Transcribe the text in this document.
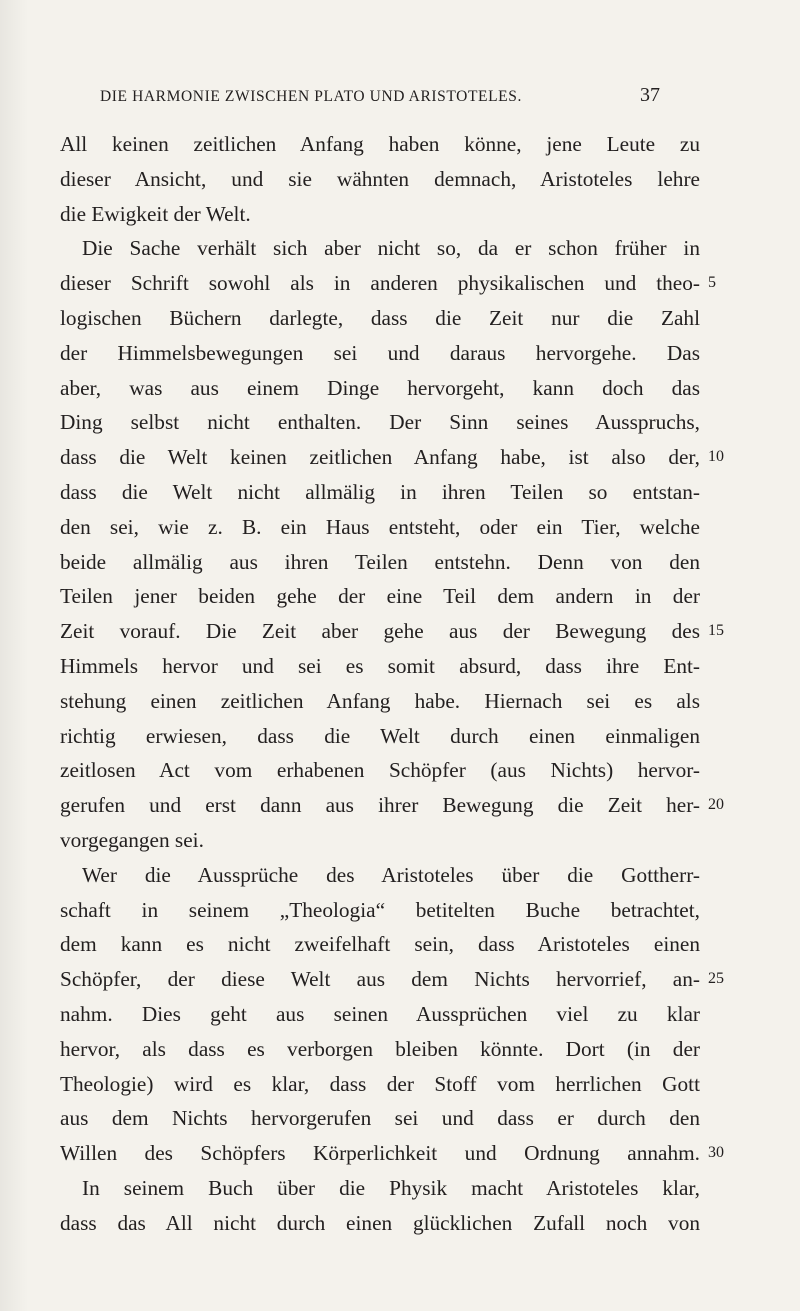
DIE HARMONIE ZWISCHEN PLATO UND ARISTOTELES.	37
All keinen zeitlichen Anfang haben könne, jene Leute zu
dieser Ansicht, und sie wähnten demnach, Aristoteles lehre
die Ewigkeit der Welt.
Die Sache verhält sich aber nicht so, da er schon früher in
dieser Schrift sowohl als in anderen physikalischen und theo- 5
logischen Büchern darlegte, dass die Zeit nur die Zahl
der Himmelsbewegungen sei und daraus hervorgehe. Das
aber, was aus einem Dinge hervorgeht, kann doch das
Ding selbst nicht enthalten. Der Sinn seines Ausspruchs,
dass die Welt keinen zeitlichen Anfang habe, ist also der, 10
dass die Welt nicht allmälig in ihren Teilen so entstan-
den sei, wie z. B. ein Haus entsteht, oder ein Tier, welche
beide allmälig aus ihren Teilen entstehn. Denn von den
Teilen jener beiden gehe der eine Teil dem andern in der
Zeit vorauf. Die Zeit aber gehe aus der Bewegung des 15
Himmels hervor und sei es somit absurd, dass ihre Ent-
stehung einen zeitlichen Anfang habe. Hiernach sei es als
richtig erwiesen, dass die Welt durch einen einmaligen
zeitlosen Act vom erhabenen Schöpfer (aus Nichts) hervor-
gerufen und erst dann aus ihrer Bewegung die Zeit her- 20
vorgegangen sei.
Wer die Aussprüche des Aristoteles über die Gottherr-
schaft in seinem „Theologia“ betitelten Buche betrachtet,
dem kann es nicht zweifelhaft sein, dass Aristoteles einen
Schöpfer, der diese Welt aus dem Nichts hervorrief, an- 25
nahm. Dies geht aus seinen Aussprüchen viel zu klar
hervor, als dass es verborgen bleiben könnte. Dort (in der
Theologie) wird es klar, dass der Stoff vom herrlichen Gott
aus dem Nichts hervorgerufen sei und dass er durch den
Willen des Schöpfers Körperlichkeit und Ordnung annahm. 30
In seinem Buch über die Physik macht Aristoteles klar,
dass das All nicht durch einen glücklichen Zufall noch von
